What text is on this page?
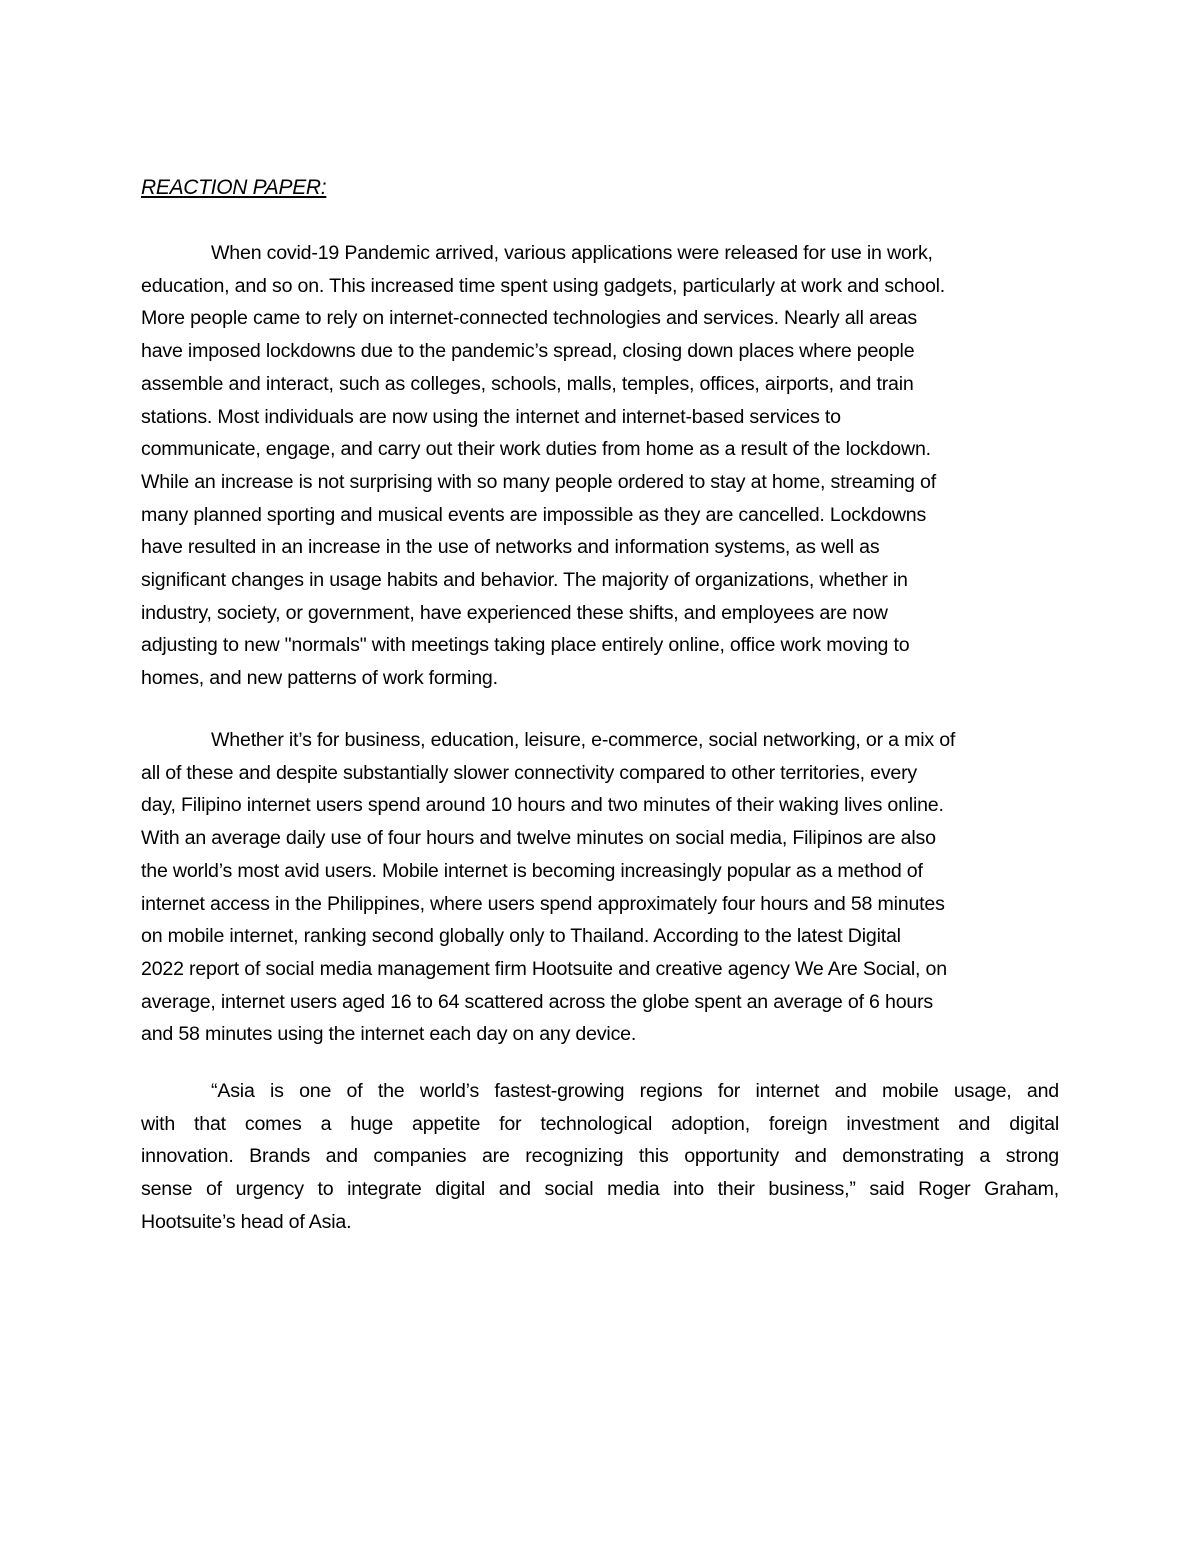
REACTION PAPER:

When covid-19 Pandemic arrived, various applications were released for use in work,
education, and so on. This increased time spent using gadgets, particularly at work and school.
More people came to rely on internet-connected technologies and services. Nearly all areas
have imposed lockdowns due to the pandemic’s spread, closing down places where people
assemble and interact, such as colleges, schools, malls, temples, offices, airports, and train
stations. Most individuals are now using the internet and internet-based services to
communicate, engage, and carry out their work duties from home as a result of the lockdown.
While an increase is not surprising with so many people ordered to stay at home, streaming of
many planned sporting and musical events are impossible as they are cancelled. Lockdowns
have resulted in an increase in the use of networks and information systems, as well as
significant changes in usage habits and behavior. The majority of organizations, whether in
industry, society, or government, have experienced these shifts, and employees are now
adjusting to new "normals" with meetings taking place entirely online, office work moving to
homes, and new patterns of work forming.

Whether it’s for business, education, leisure, e-commerce, social networking, or a mix of
all of these and despite substantially slower connectivity compared to other territories, every
day, Filipino internet users spend around 10 hours and two minutes of their waking lives online.
With an average daily use of four hours and twelve minutes on social media, Filipinos are also
the world’s most avid users. Mobile internet is becoming increasingly popular as a method of
internet access in the Philippines, where users spend approximately four hours and 58 minutes
on mobile internet, ranking second globally only to Thailand. According to the latest Digital
2022 report of social media management firm Hootsuite and creative agency We Are Social, on
average, internet users aged 16 to 64 scattered across the globe spent an average of 6 hours
and 58 minutes using the internet each day on any device.

“Asia is one of the world’s fastest-growing regions for internet and mobile usage, and
with that comes a huge appetite for technological adoption, foreign investment and digital
innovation. Brands and companies are recognizing this opportunity and demonstrating a strong
sense of urgency to integrate digital and social media into their business,” said Roger Graham,
Hootsuite’s head of Asia.
